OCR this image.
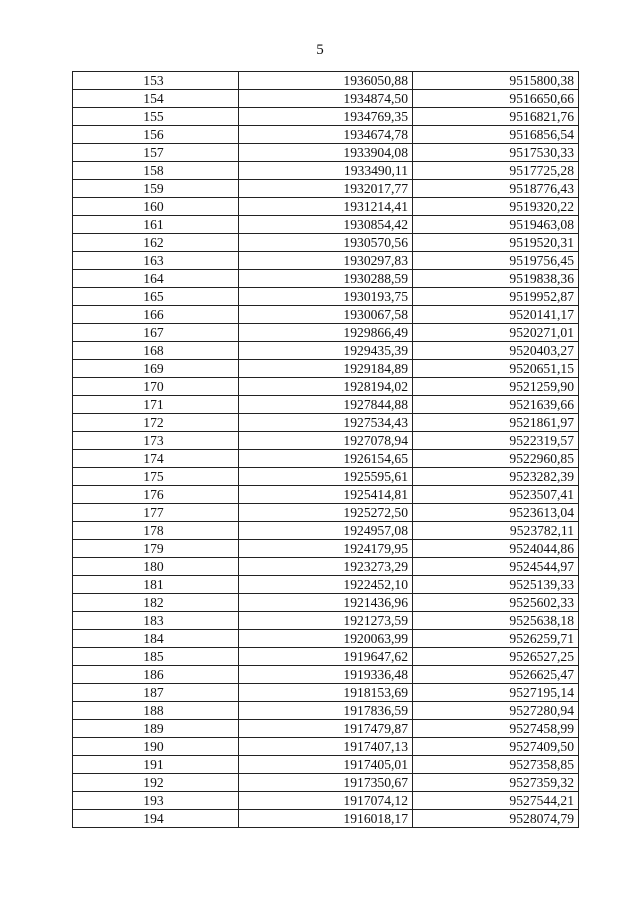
5
153	1936050,88	9515800,38
154	1934874,50	9516650,66
155	1934769,35	9516821,76
156	1934674,78	9516856,54
157	1933904,08	9517530,33
158	1933490,11	9517725,28
159	1932017,77	9518776,43
160	1931214,41	9519320,22
161	1930854,42	9519463,08
162	1930570,56	9519520,31
163	1930297,83	9519756,45
164	1930288,59	9519838,36
165	1930193,75	9519952,87
166	1930067,58	9520141,17
167	1929866,49	9520271,01
168	1929435,39	9520403,27
169	1929184,89	9520651,15
170	1928194,02	9521259,90
171	1927844,88	9521639,66
172	1927534,43	9521861,97
173	1927078,94	9522319,57
174	1926154,65	9522960,85
175	1925595,61	9523282,39
176	1925414,81	9523507,41
177	1925272,50	9523613,04
178	1924957,08	9523782,11
179	1924179,95	9524044,86
180	1923273,29	9524544,97
181	1922452,10	9525139,33
182	1921436,96	9525602,33
183	1921273,59	9525638,18
184	1920063,99	9526259,71
185	1919647,62	9526527,25
186	1919336,48	9526625,47
187	1918153,69	9527195,14
188	1917836,59	9527280,94
189	1917479,87	9527458,99
190	1917407,13	9527409,50
191	1917405,01	9527358,85
192	1917350,67	9527359,32
193	1917074,12	9527544,21
194	1916018,17	9528074,79
